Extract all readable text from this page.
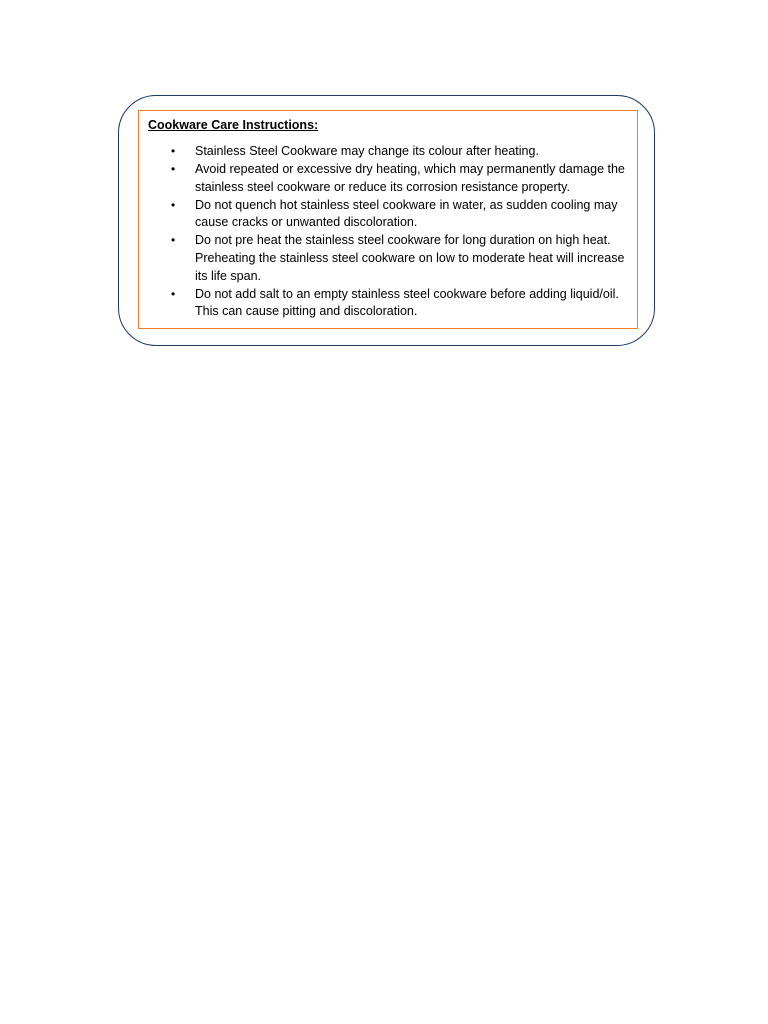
Cookware Care Instructions:
• Stainless Steel Cookware may change its colour after heating.
• Avoid repeated or excessive dry heating, which may permanently damage the stainless steel cookware or reduce its corrosion resistance property.
• Do not quench hot stainless steel cookware in water, as sudden cooling may cause cracks or unwanted discoloration.
• Do not pre heat the stainless steel cookware for long duration on high heat. Preheating the stainless steel cookware on low to moderate heat will increase its life span.
• Do not add salt to an empty stainless steel cookware before adding liquid/oil. This can cause pitting and discoloration.
